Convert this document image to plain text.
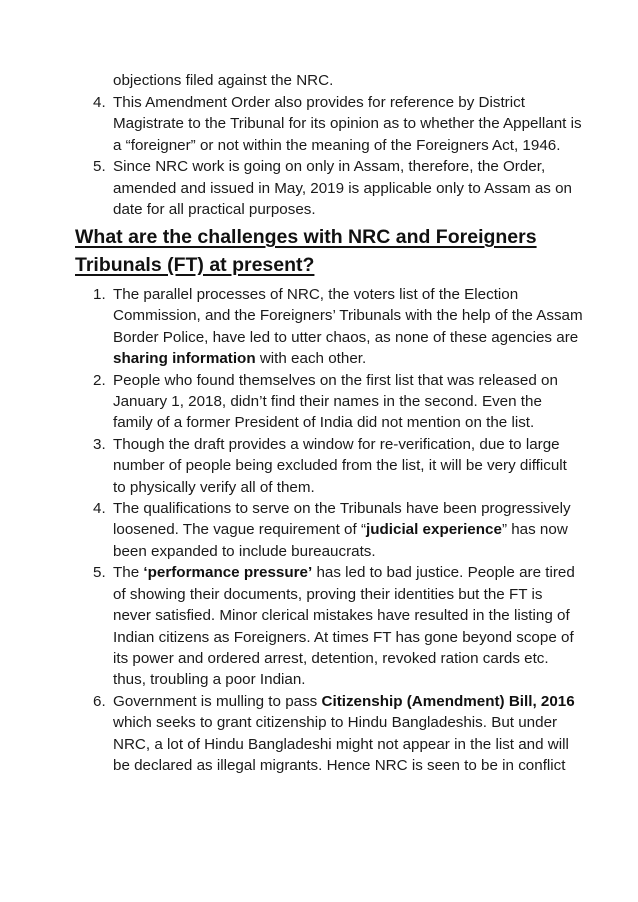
objections filed against the NRC.
4. This Amendment Order also provides for reference by District Magistrate to the Tribunal for its opinion as to whether the Appellant is a “foreigner” or not within the meaning of the Foreigners Act, 1946.
5. Since NRC work is going on only in Assam, therefore, the Order, amended and issued in May, 2019 is applicable only to Assam as on date for all practical purposes.
What are the challenges with NRC and Foreigners Tribunals (FT) at present?
1. The parallel processes of NRC, the voters list of the Election Commission, and the Foreigners’ Tribunals with the help of the Assam Border Police, have led to utter chaos, as none of these agencies are sharing information with each other.
2. People who found themselves on the first list that was released on January 1, 2018, didn’t find their names in the second. Even the family of a former President of India did not mention on the list.
3. Though the draft provides a window for re-verification, due to large number of people being excluded from the list, it will be very difficult to physically verify all of them.
4. The qualifications to serve on the Tribunals have been progressively loosened. The vague requirement of “judicial experience” has now been expanded to include bureaucrats.
5. The ‘performance pressure’ has led to bad justice. People are tired of showing their documents, proving their identities but the FT is never satisfied. Minor clerical mistakes have resulted in the listing of Indian citizens as Foreigners. At times FT has gone beyond scope of its power and ordered arrest, detention, revoked ration cards etc. thus, troubling a poor Indian.
6. Government is mulling to pass Citizenship (Amendment) Bill, 2016 which seeks to grant citizenship to Hindu Bangladeshis. But under NRC, a lot of Hindu Bangladeshi might not appear in the list and will be declared as illegal migrants. Hence NRC is seen to be in conflict
